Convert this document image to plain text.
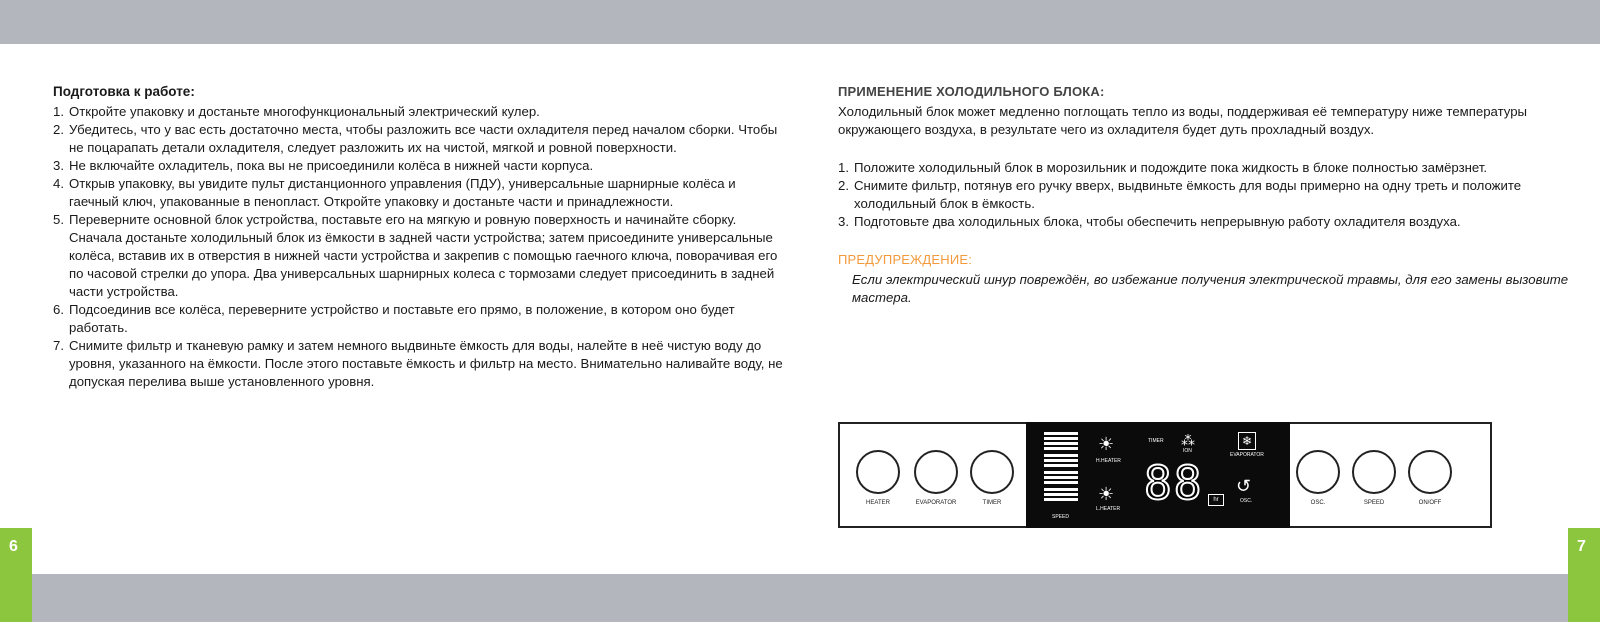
6	7
Подготовка к работе:
1. Откройте упаковку и достаньте многофункциональный электрический кулер.
2. Убедитесь, что у вас есть достаточно места, чтобы разложить все части охладителя перед началом сборки. Чтобы не поцарапать детали охладителя, следует разложить их на чистой, мягкой и ровной поверхности.
3. Не включайте охладитель, пока вы не присоединили колёса в нижней части корпуса.
4. Открыв упаковку, вы увидите пульт дистанционного управления (ПДУ), универсальные шарнирные колёса и гаечный ключ, упакованные в пенопласт. Откройте упаковку и достаньте части и принадлежности.
5. Переверните основной блок устройства, поставьте его на мягкую и ровную поверхность и начинайте сборку. Сначала достаньте холодильный блок из ёмкости в задней части устройства; затем присоедините универсальные колёса, вставив их в отверстия в нижней части устройства и закрепив с помощью гаечного ключа, поворачивая его по часовой стрелки до упора. Два универсальных шарнирных колеса с тормозами следует присоединить в задней части устройства.
6. Подсоединив все колёса, переверните устройство и поставьте его прямо, в положение, в котором оно будет работать.
7. Снимите фильтр и тканевую рамку и затем немного выдвиньте ёмкость для воды, налейте в неё чистую воду до уровня, указанного на ёмкости. После этого поставьте ёмкость и фильтр на место. Внимательно наливайте воду, не допуская перелива выше установленного уровня.
ПРИМЕНЕНИЕ ХОЛОДИЛЬНОГО БЛОКА:

Холодильный блок может медленно поглощать тепло из воды, поддерживая её температуру ниже температуры окружающего воздуха, в результате чего из охладителя будет дуть прохладный воздух.

1. Положите холодильный блок в морозильник и подождите пока жидкость в блоке полностью замёрзнет.
2. Снимите фильтр, потянув его ручку вверх, выдвиньте ёмкость для воды примерно на одну треть и положите холодильный блок в ёмкость.
3. Подготовьте два холодильных блока, чтобы обеспечить непрерывную работу охладителя воздуха.
ПРЕДУПРЕЖДЕНИЕ:

Если электрический шнур повреждён, во избежание получения электрической травмы, для его замены вызовите мастера.

HEATER	EVAPORATOR	TIMER
SPEED
☀
H.HEATER
☀
L.HEATER
TIMER ⁂
ION
88	hr
❄
EVAPORATOR
↺
OSC.	OSC.	SPEED	ON/OFF
